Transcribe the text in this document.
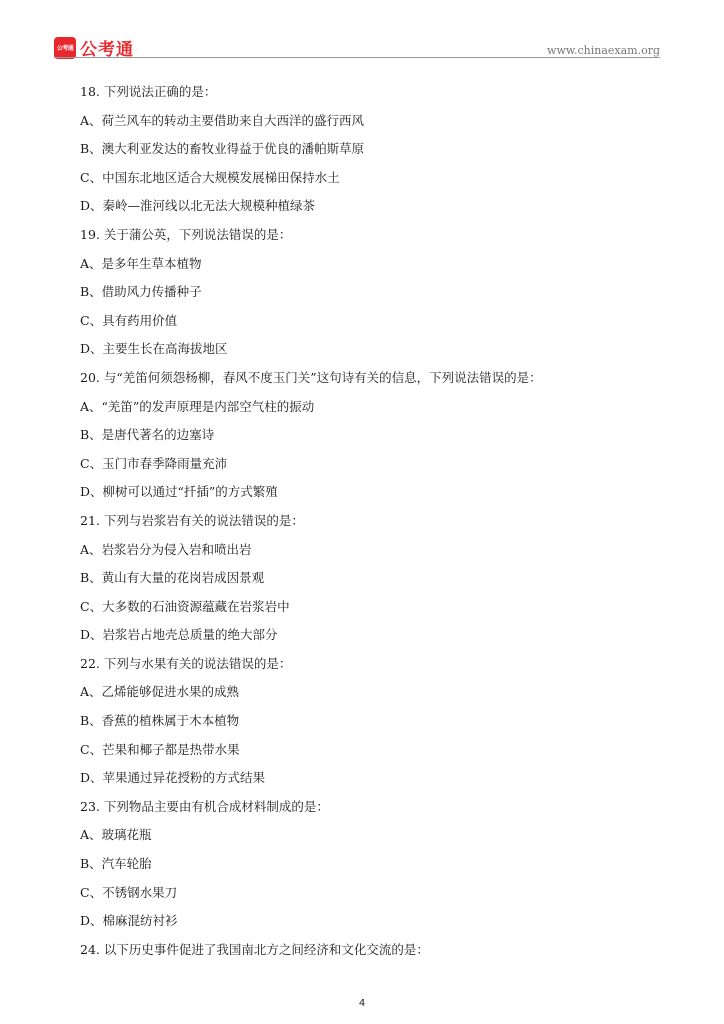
公考通 公考通	www.chinaexam.org
18. 下列说法正确的是：
A、荷兰风车的转动主要借助来自大西洋的盛行西风
B、澳大利亚发达的畜牧业得益于优良的潘帕斯草原
C、中国东北地区适合大规模发展梯田保持水土
D、秦岭—淮河线以北无法大规模种植绿茶
19. 关于蒲公英，下列说法错误的是：
A、是多年生草本植物
B、借助风力传播种子
C、具有药用价值
D、主要生长在高海拔地区
20. 与“羌笛何须怨杨柳，春风不度玉门关”这句诗有关的信息，下列说法错误的是：
A、“羌笛”的发声原理是内部空气柱的振动
B、是唐代著名的边塞诗
C、玉门市春季降雨量充沛
D、柳树可以通过“扦插”的方式繁殖
21. 下列与岩浆岩有关的说法错误的是：
A、岩浆岩分为侵入岩和喷出岩
B、黄山有大量的花岗岩成因景观
C、大多数的石油资源蕴藏在岩浆岩中
D、岩浆岩占地壳总质量的绝大部分
22. 下列与水果有关的说法错误的是：
A、乙烯能够促进水果的成熟
B、香蕉的植株属于木本植物
C、芒果和椰子都是热带水果
D、苹果通过异花授粉的方式结果
23. 下列物品主要由有机合成材料制成的是：
A、玻璃花瓶
B、汽车轮胎
C、不锈钢水果刀
D、棉麻混纺衬衫
24. 以下历史事件促进了我国南北方之间经济和文化交流的是：
4
